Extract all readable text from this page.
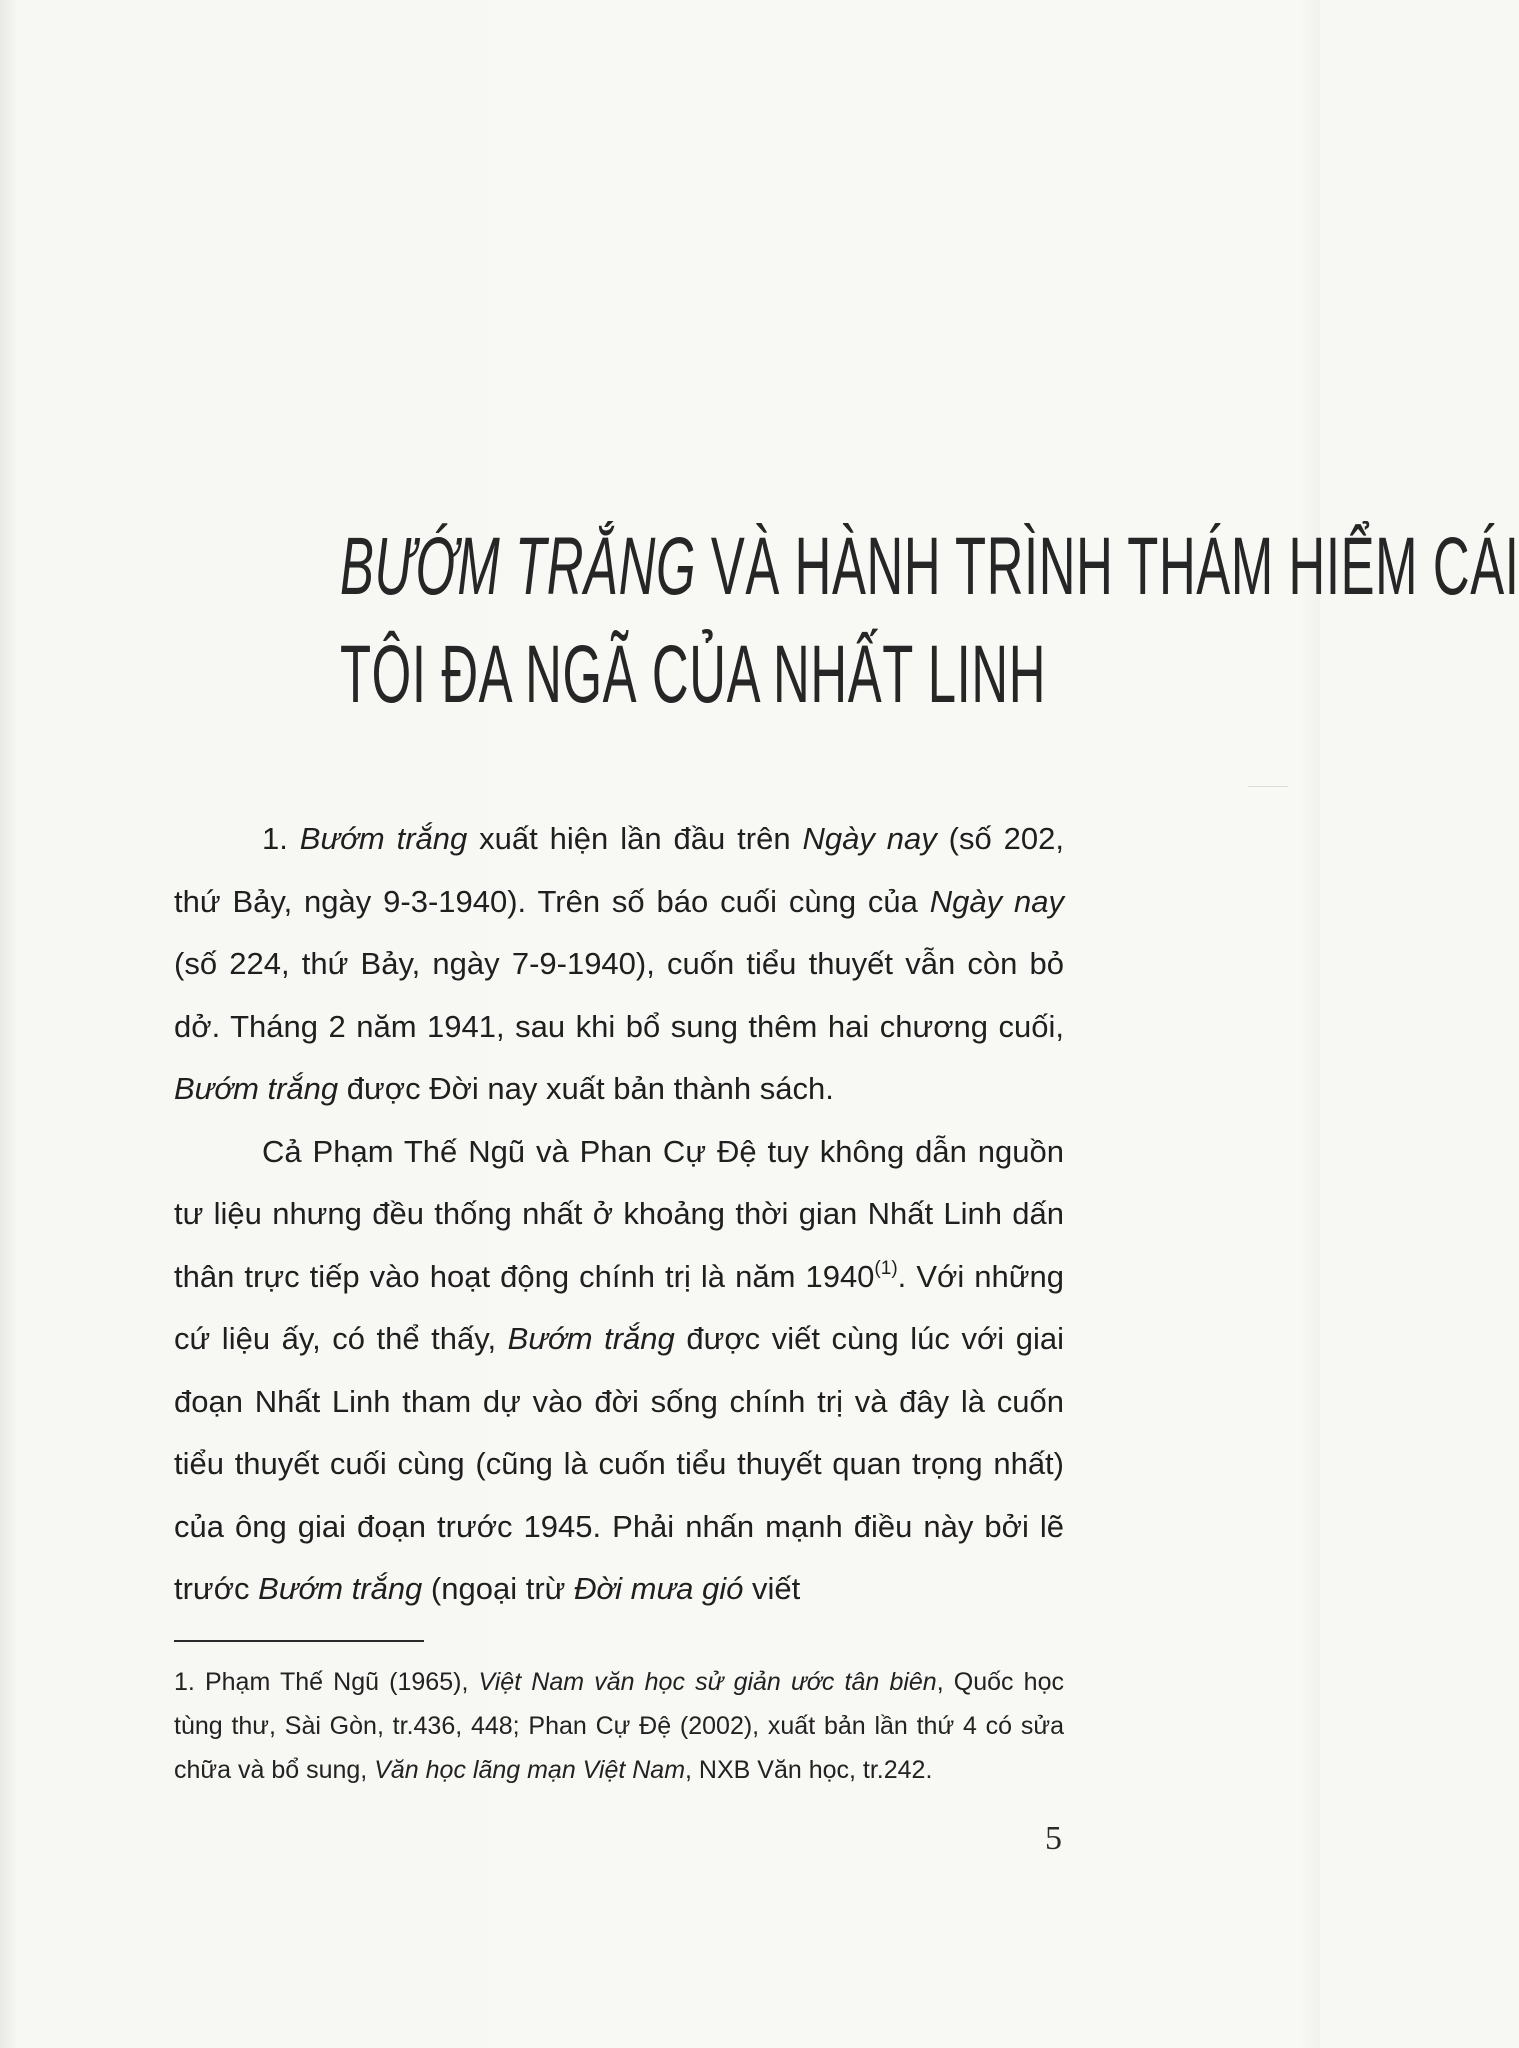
BƯỚM TRẮNG VÀ HÀNH TRÌNH THÁM HIỂM CÁI
TÔI ĐA NGÃ CỦA NHẤT LINH

1. Bướm trắng xuất hiện lần đầu trên Ngày nay (số 202, thứ Bảy, ngày 9-3-1940). Trên số báo cuối cùng của Ngày nay (số 224, thứ Bảy, ngày 7-9-1940), cuốn tiểu thuyết vẫn còn bỏ dở. Tháng 2 năm 1941, sau khi bổ sung thêm hai chương cuối, Bướm trắng được Đời nay xuất bản thành sách.

Cả Phạm Thế Ngũ và Phan Cự Đệ tuy không dẫn nguồn tư liệu nhưng đều thống nhất ở khoảng thời gian Nhất Linh dấn thân trực tiếp vào hoạt động chính trị là năm 1940$^{(1)}$. Với những cứ liệu ấy, có thể thấy, Bướm trắng được viết cùng lúc với giai đoạn Nhất Linh tham dự vào đời sống chính trị và đây là cuốn tiểu thuyết cuối cùng (cũng là cuốn tiểu thuyết quan trọng nhất) của ông giai đoạn trước 1945. Phải nhấn mạnh điều này bởi lẽ trước Bướm trắng (ngoại trừ Đời mưa gió viết

1. Phạm Thế Ngũ (1965), Việt Nam văn học sử giản ước tân biên, Quốc học tùng thư, Sài Gòn, tr.436, 448; Phan Cự Đệ (2002), xuất bản lần thứ 4 có sửa chữa và bổ sung, Văn học lãng mạn Việt Nam, NXB Văn học, tr.242.

5
